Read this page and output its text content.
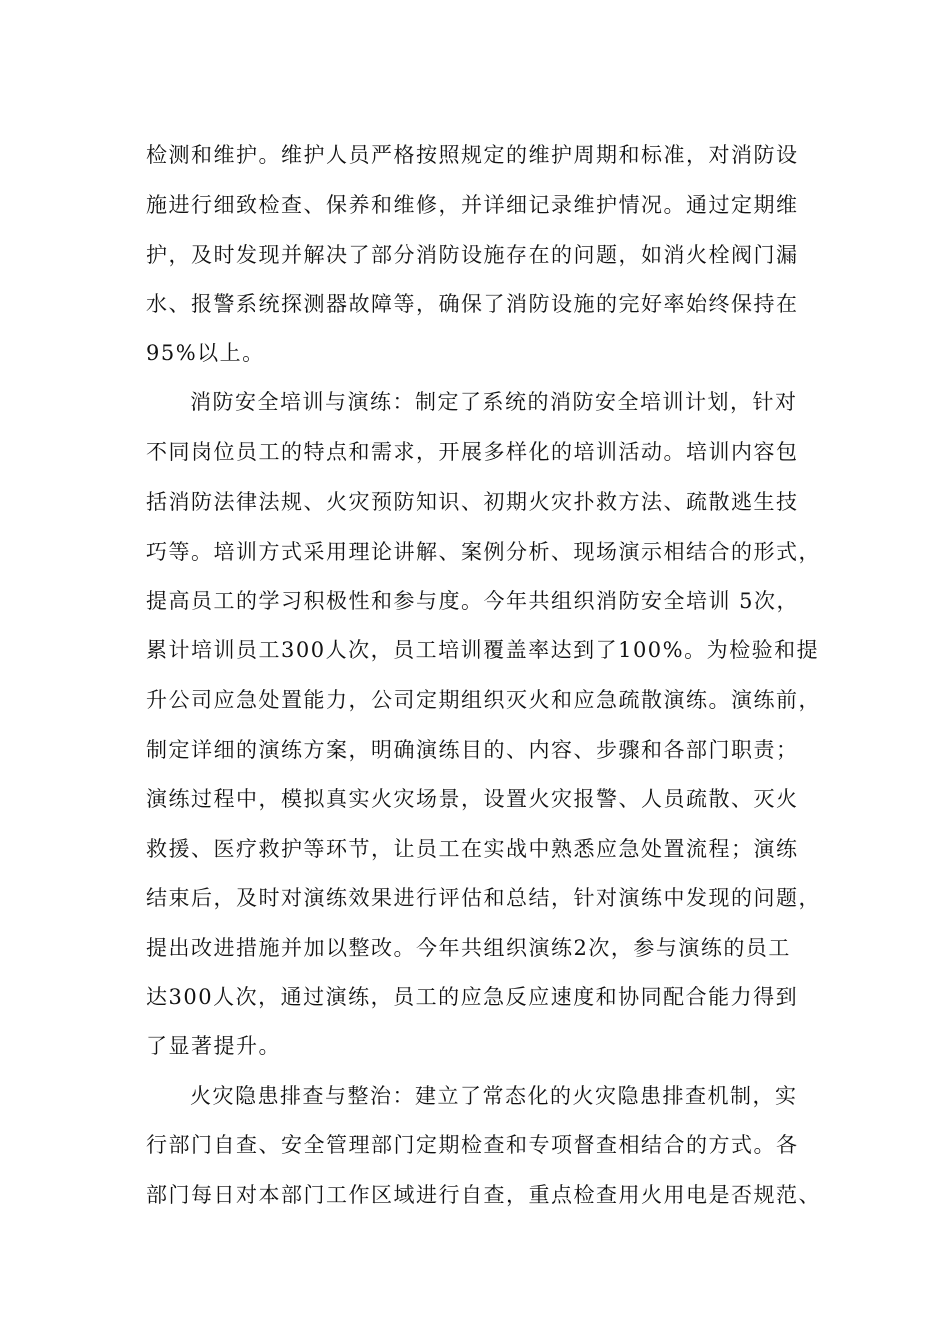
检测和维护。维护人员严格按照规定的维护周期和标准，对消防设
施进行细致检查、保养和维修，并详细记录维护情况。通过定期维
护，及时发现并解决了部分消防设施存在的问题，如消火栓阀门漏
水、报警系统探测器故障等，确保了消防设施的完好率始终保持在
95%以上。
消防安全培训与演练：制定了系统的消防安全培训计划，针对
不同岗位员工的特点和需求，开展多样化的培训活动。培训内容包
括消防法律法规、火灾预防知识、初期火灾扑救方法、疏散逃生技
巧等。培训方式采用理论讲解、案例分析、现场演示相结合的形式，
提高员工的学习积极性和参与度。今年共组织消防安全培训 5次，
累计培训员工300人次，员工培训覆盖率达到了100%。为检验和提
升公司应急处置能力，公司定期组织灭火和应急疏散演练。演练前，
制定详细的演练方案，明确演练目的、内容、步骤和各部门职责；
演练过程中，模拟真实火灾场景，设置火灾报警、人员疏散、灭火
救援、医疗救护等环节，让员工在实战中熟悉应急处置流程；演练
结束后，及时对演练效果进行评估和总结，针对演练中发现的问题，
提出改进措施并加以整改。今年共组织演练2次，参与演练的员工
达300人次，通过演练，员工的应急反应速度和协同配合能力得到
了显著提升。
火灾隐患排查与整治：建立了常态化的火灾隐患排查机制，实
行部门自查、安全管理部门定期检查和专项督查相结合的方式。各
部门每日对本部门工作区域进行自查，重点检查用火用电是否规范、
